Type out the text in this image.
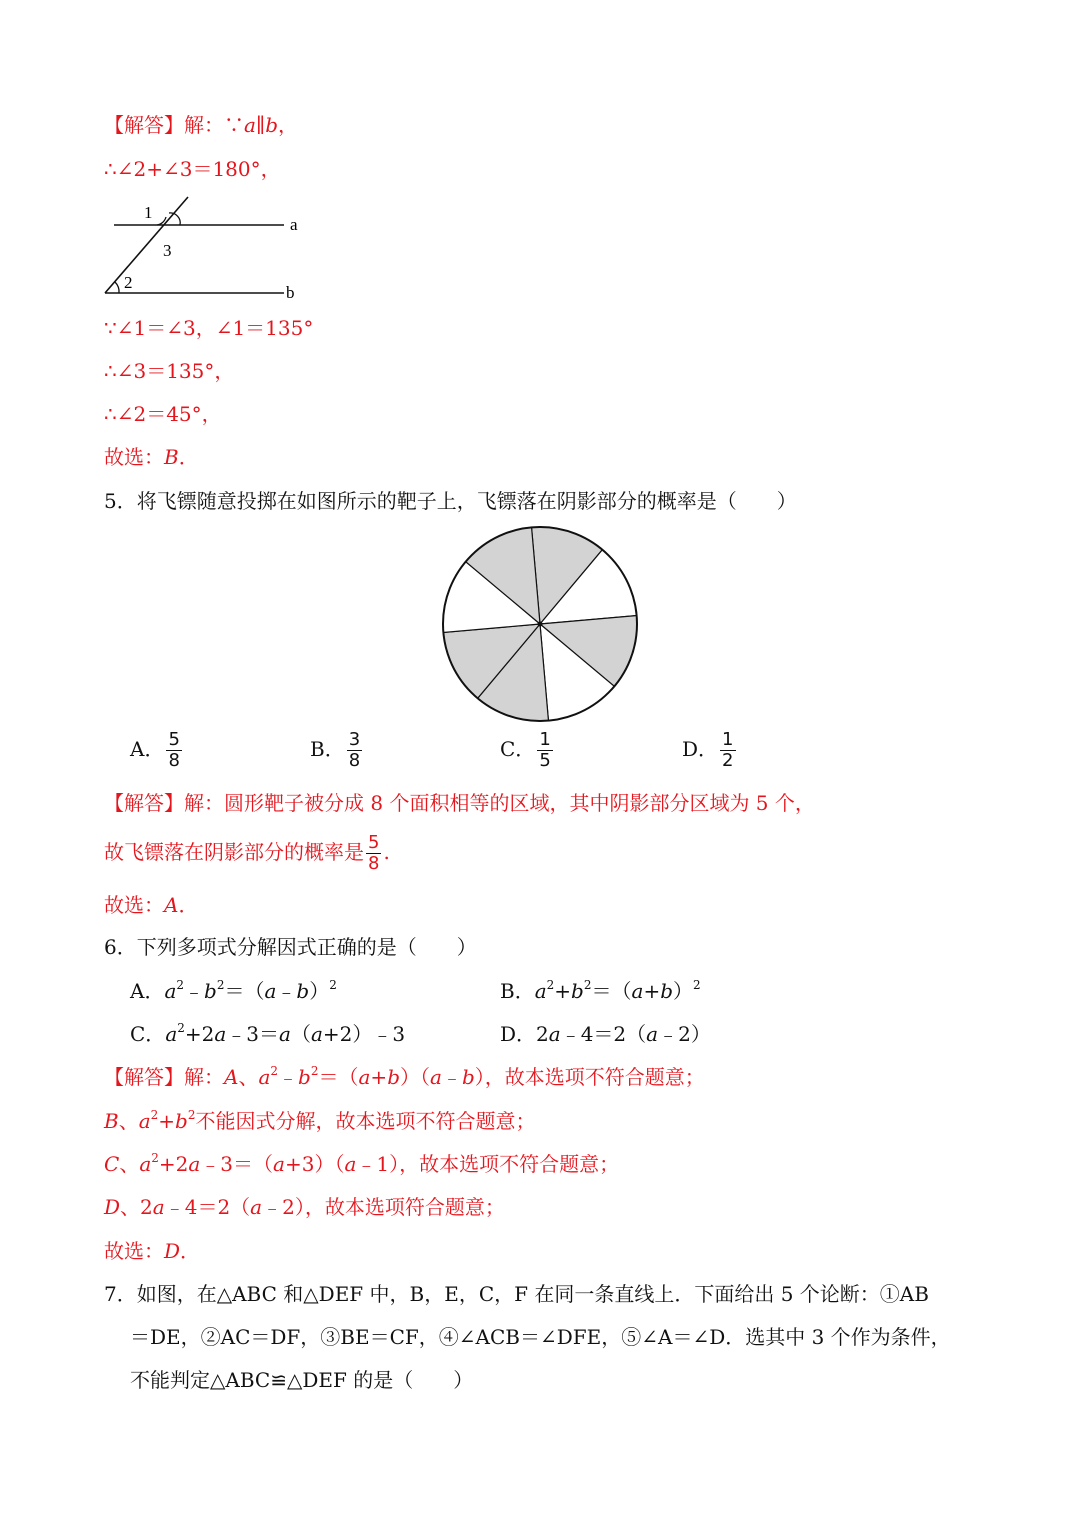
【解答】解：∵a∥b，
∴∠2+∠3＝180°，
1
3
2
a
b
∵∠1＝∠3，∠1＝135°
∴∠3＝135°，
∴∠2＝45°，
故选：B．
5．将飞镖随意投掷在如图所示的靶子上，飞镖落在阴影部分的概率是（　　）
A． $\frac{5}{8}$	B． $\frac{3}{8}$	C． $\frac{1}{5}$	D． $\frac{1}{2}$
【解答】解：圆形靶子被分成 8 个面积相等的区域，其中阴影部分区域为 5 个，
故飞镖落在阴影部分的概率是 $\frac{5}{8}$ .
故选：A．
6．下列多项式分解因式正确的是（　　）
A．$a^2﹣b^2=(a﹣b)^2$	B．$a^2+b^2=(a+b)^2$
C．$a^2+2a﹣3=a(a+2)﹣3$	D．2a﹣4＝2（a﹣2）
【解答】解：A、$a^2﹣b^2=(a+b)(a﹣b)$，故本选项不符合题意；
B、$a^2+b^2$不能因式分解，故本选项不符合题意；
C、$a^2+2a﹣3=(a+3)(a﹣1)$，故本选项不符合题意；
D、2a﹣4＝2（a﹣2），故本选项符合题意；
故选：D．
7．如图，在△ABC 和△DEF 中，B，E，C，F 在同一条直线上．下面给出 5 个论断：①AB
＝DE，②AC＝DF，③BE＝CF，④∠ACB＝∠DFE，⑤∠A＝∠D．选其中 3 个作为条件，
不能判定△ABC≌△DEF 的是（　　）
